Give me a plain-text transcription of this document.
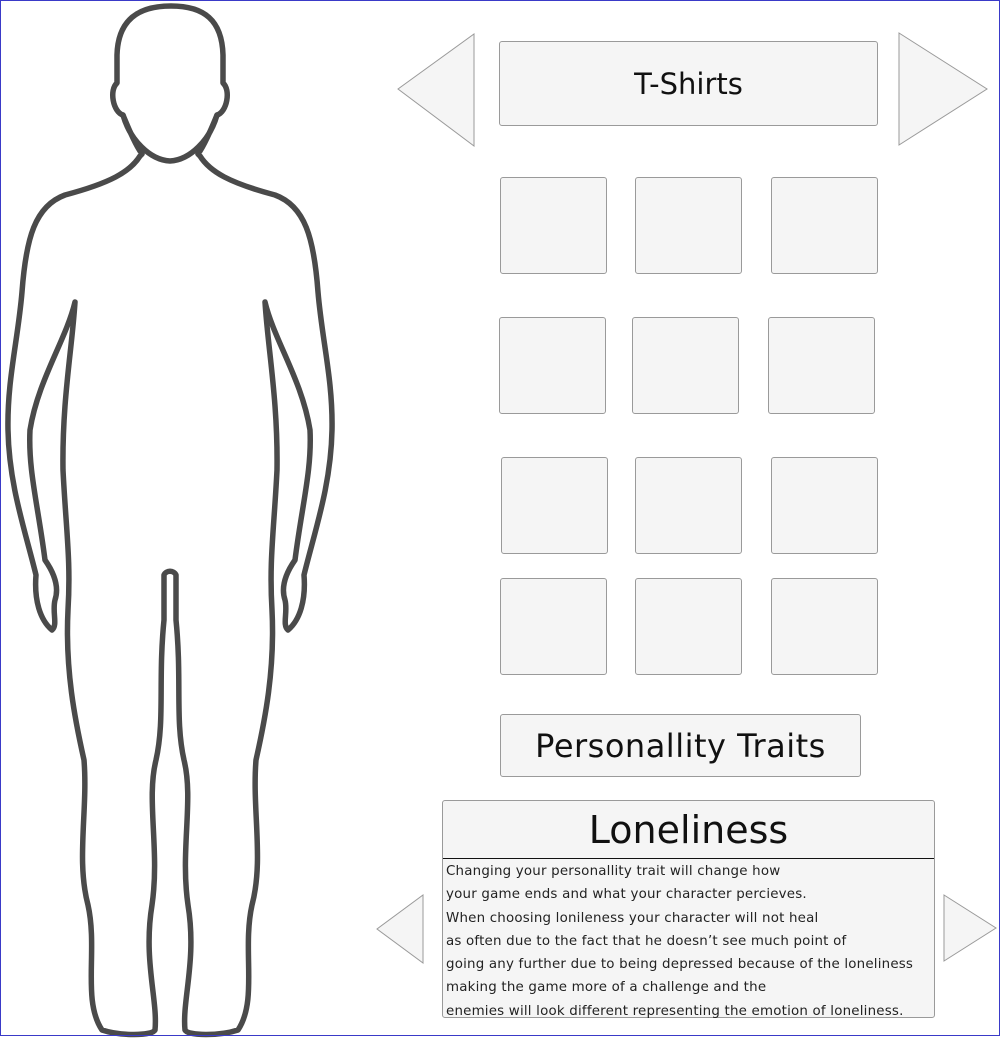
T-Shirts
Personallity Traits
Loneliness
Changing your personallity trait will change how
your game ends and what your character percieves.
When choosing lonileness your character will not heal
as often due to the fact that he doesn’t see much point of
going any further due to being depressed because of the loneliness
making the game more of a challenge and the
enemies will look different representing the emotion of loneliness.
